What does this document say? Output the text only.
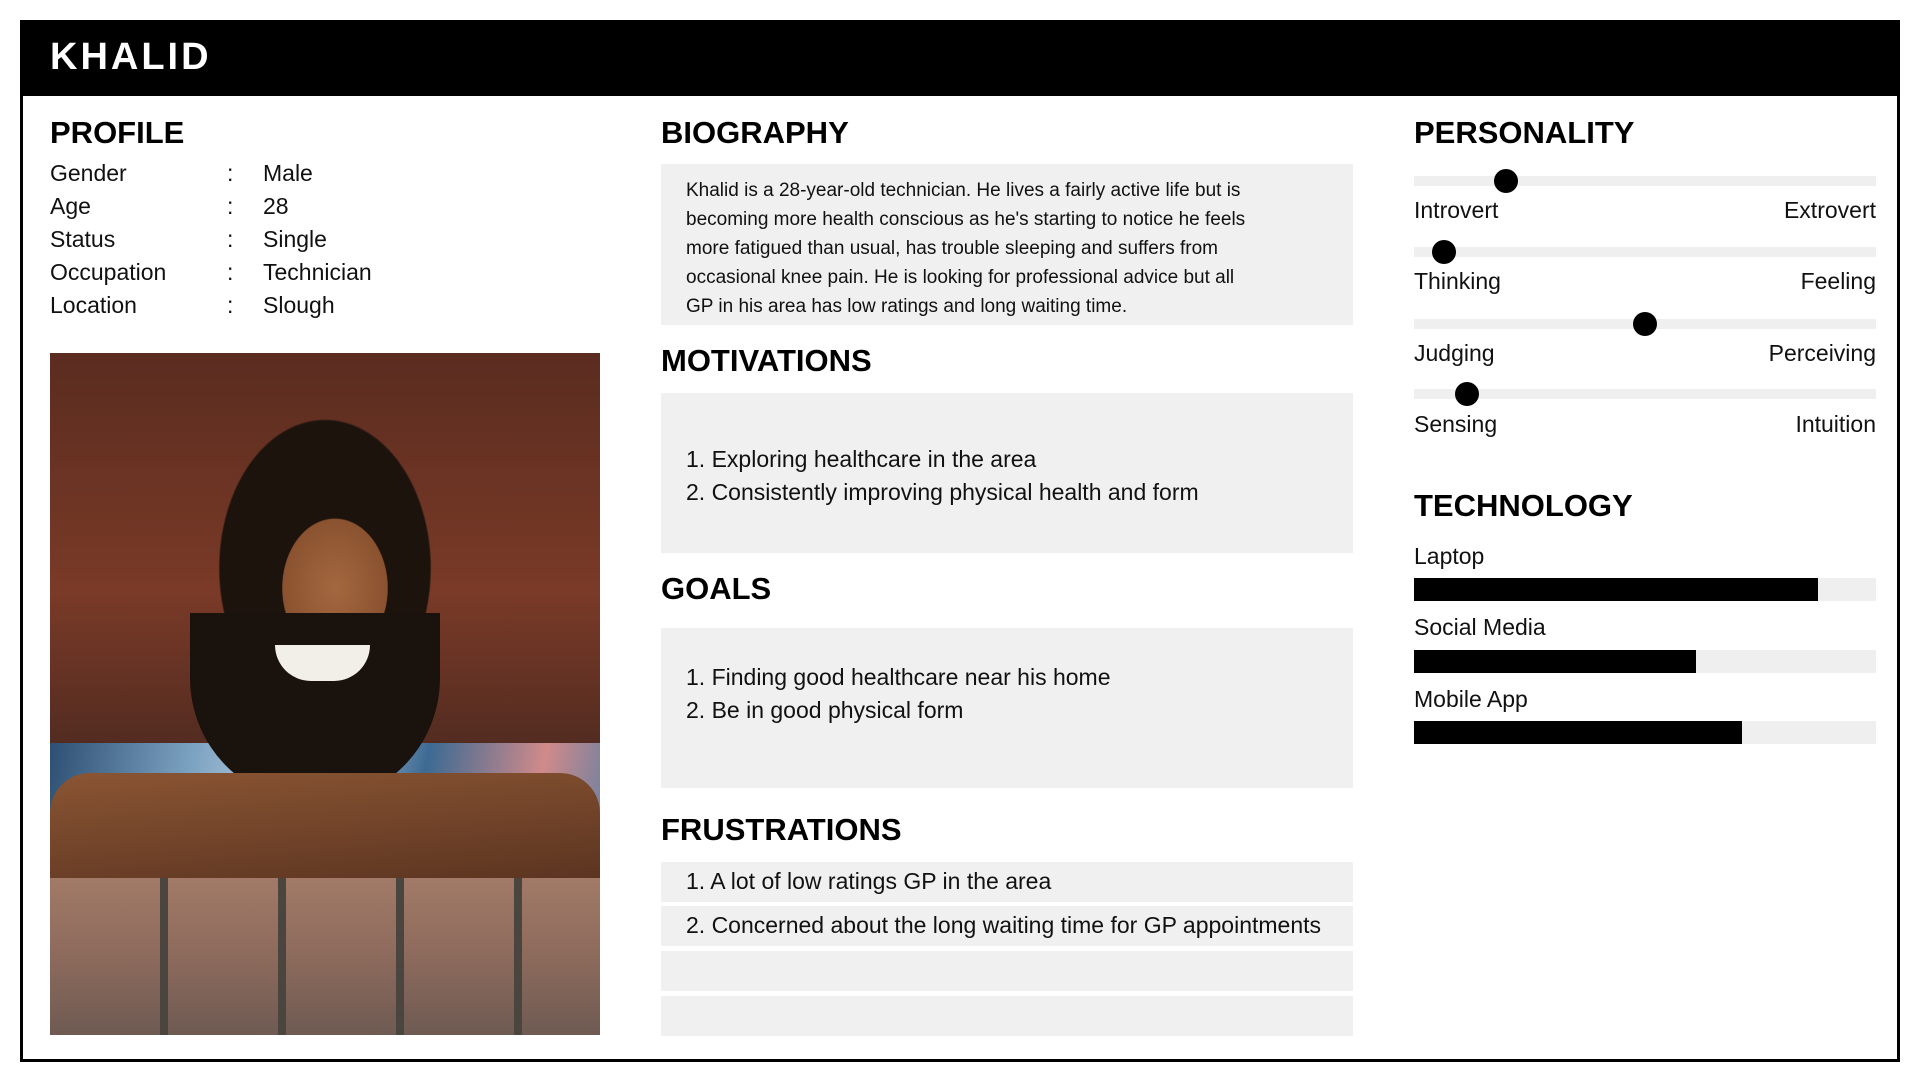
KHALID
PROFILE
Gender	: Male
Age	: 28
Status	: Single
Occupation	: Technician
Location	: Slough
BIOGRAPHY
Khalid is a 28-year-old technician. He lives a fairly active life but is
becoming more health conscious as he's starting to notice he feels
more fatigued than usual, has trouble sleeping and suffers from
occasional knee pain. He is looking for professional advice but all
GP in his area has low ratings and long waiting time.
MOTIVATIONS
1. Exploring healthcare in the area
2. Consistently improving physical health and form
GOALS
1. Finding good healthcare near his home
2. Be in good physical form
FRUSTRATIONS
1. A lot of low ratings GP in the area
2. Concerned about the long waiting time for GP appointments
PERSONALITY
Introvert	Extrovert
Thinking	Feeling
Judging	Perceiving
Sensing	Intuition
TECHNOLOGY
Laptop
Social Media
Mobile App
